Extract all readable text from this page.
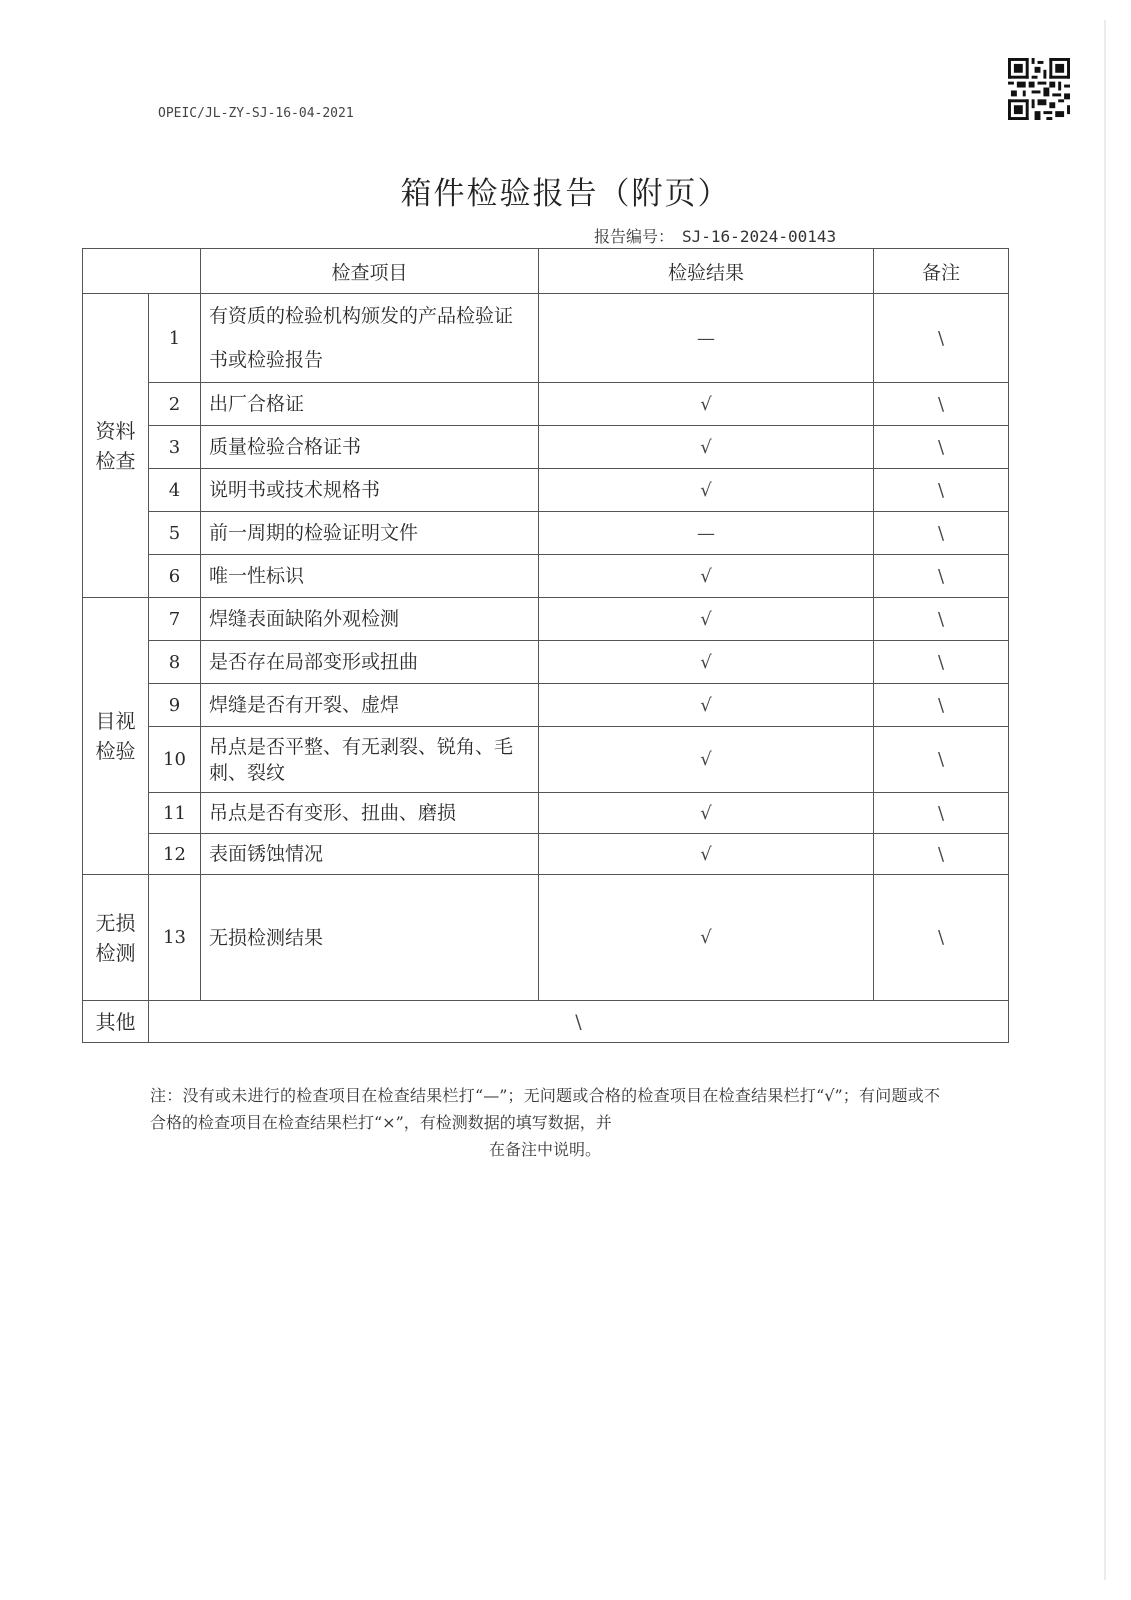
OPEIC/JL-ZY-SJ-16-04-2021
箱件检验报告（附页）
报告编号： SJ-16-2024-00143
		检查项目	检验结果	备注
资料
检查	1	有资质的检验机构颁发的产品检验证书或检验报告	—	\
	2	出厂合格证	√	\
	3	质量检验合格证书	√	\
	4	说明书或技术规格书	√	\
	5	前一周期的检验证明文件	—	\
	6	唯一性标识	√	\
目视
检验	7	焊缝表面缺陷外观检测	√	\
	8	是否存在局部变形或扭曲	√	\
	9	焊缝是否有开裂、虚焊	√	\
	10	吊点是否平整、有无剥裂、锐角、毛刺、裂纹	√	\
	11	吊点是否有变形、扭曲、磨损	√	\
	12	表面锈蚀情况	√	\
无损
检测	13	无损检测结果	√	\
其他	\			
注：没有或未进行的检查项目在检查结果栏打“—”；无问题或合格的检查项目在检查结果栏打“√”；有问题或不合格的检查项目在检查结果栏打“×”，有检测数据的填写数据，并
在备注中说明。
